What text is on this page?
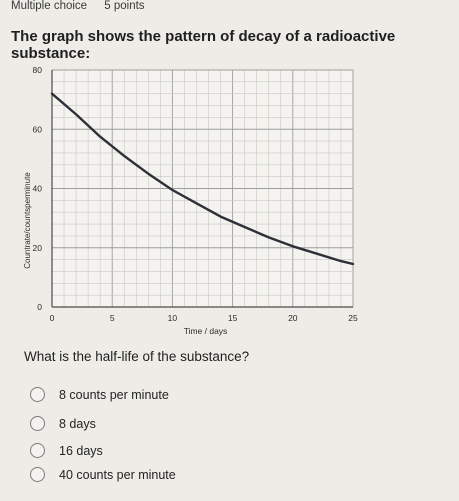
Multiple choice 5 points
The graph shows the pattern of decay of a radioactive substance:
0	5	10	15	20	25
0
20
40
60
80
Time / days
Countrate/countsperminute
What is the half-life of the substance?
8 counts per minute
8 days
16 days
40 counts per minute
